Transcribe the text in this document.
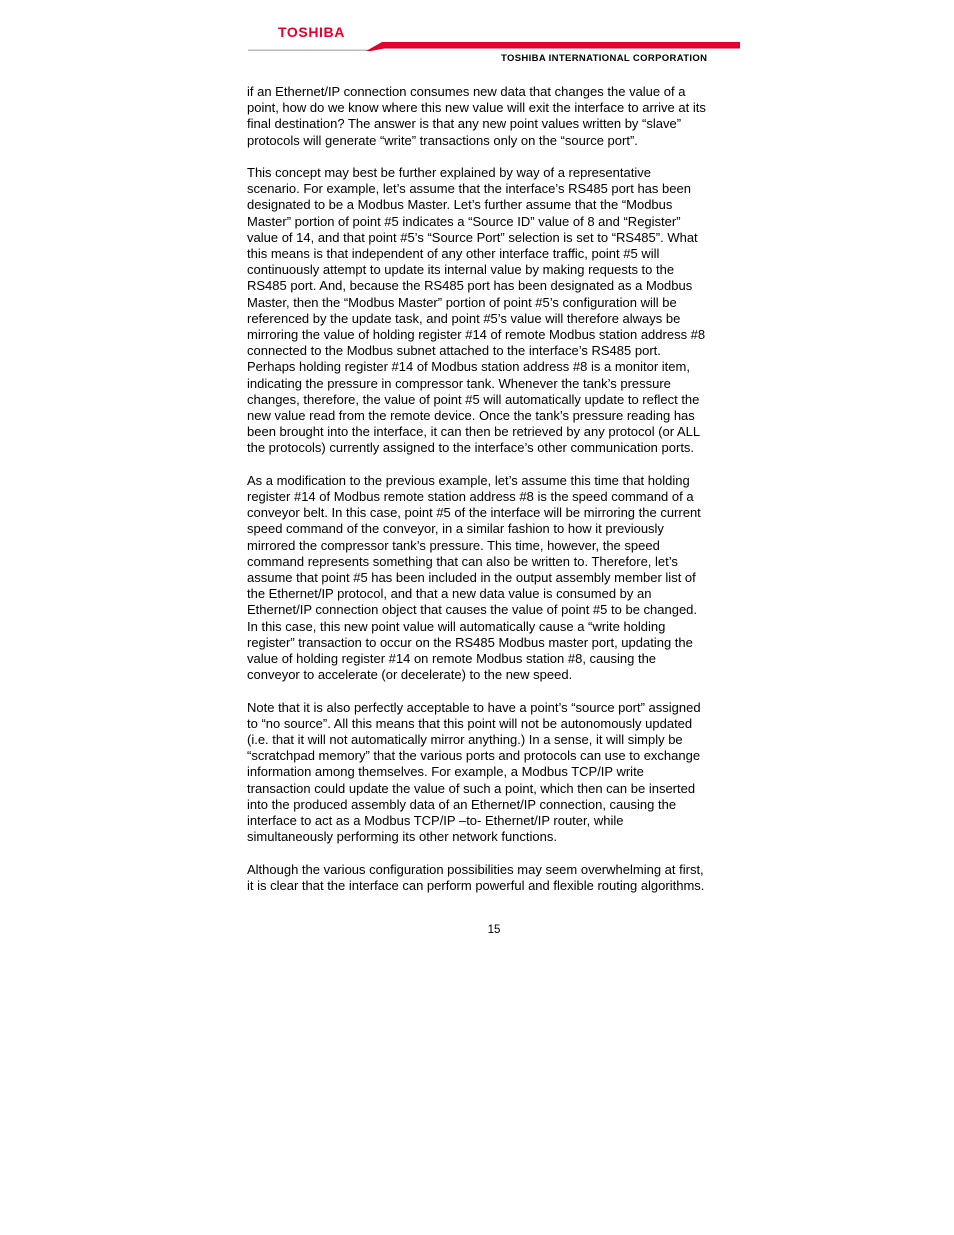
TOSHIBA
TOSHIBA INTERNATIONAL CORPORATION

if an Ethernet/IP connection consumes new data that changes the value of a
point, how do we know where this new value will exit the interface to arrive at its
final destination? The answer is that any new point values written by “slave”
protocols will generate “write” transactions only on the “source port”.

This concept may best be further explained by way of a representative
scenario. For example, let’s assume that the interface’s RS485 port has been
designated to be a Modbus Master. Let’s further assume that the “Modbus
Master” portion of point #5 indicates a “Source ID” value of 8 and “Register”
value of 14, and that point #5’s “Source Port” selection is set to “RS485”. What
this means is that independent of any other interface traffic, point #5 will
continuously attempt to update its internal value by making requests to the
RS485 port. And, because the RS485 port has been designated as a Modbus
Master, then the “Modbus Master” portion of point #5’s configuration will be
referenced by the update task, and point #5’s value will therefore always be
mirroring the value of holding register #14 of remote Modbus station address #8
connected to the Modbus subnet attached to the interface’s RS485 port.
Perhaps holding register #14 of Modbus station address #8 is a monitor item,
indicating the pressure in compressor tank. Whenever the tank’s pressure
changes, therefore, the value of point #5 will automatically update to reflect the
new value read from the remote device. Once the tank’s pressure reading has
been brought into the interface, it can then be retrieved by any protocol (or ALL
the protocols) currently assigned to the interface’s other communication ports.

As a modification to the previous example, let’s assume this time that holding
register #14 of Modbus remote station address #8 is the speed command of a
conveyor belt. In this case, point #5 of the interface will be mirroring the current
speed command of the conveyor, in a similar fashion to how it previously
mirrored the compressor tank’s pressure. This time, however, the speed
command represents something that can also be written to. Therefore, let’s
assume that point #5 has been included in the output assembly member list of
the Ethernet/IP protocol, and that a new data value is consumed by an
Ethernet/IP connection object that causes the value of point #5 to be changed.
In this case, this new point value will automatically cause a “write holding
register” transaction to occur on the RS485 Modbus master port, updating the
value of holding register #14 on remote Modbus station #8, causing the
conveyor to accelerate (or decelerate) to the new speed.

Note that it is also perfectly acceptable to have a point’s “source port” assigned
to “no source”. All this means that this point will not be autonomously updated
(i.e. that it will not automatically mirror anything.) In a sense, it will simply be
“scratchpad memory” that the various ports and protocols can use to exchange
information among themselves. For example, a Modbus TCP/IP write
transaction could update the value of such a point, which then can be inserted
into the produced assembly data of an Ethernet/IP connection, causing the
interface to act as a Modbus TCP/IP –to- Ethernet/IP router, while
simultaneously performing its other network functions.

Although the various configuration possibilities may seem overwhelming at first,
it is clear that the interface can perform powerful and flexible routing algorithms.

15
